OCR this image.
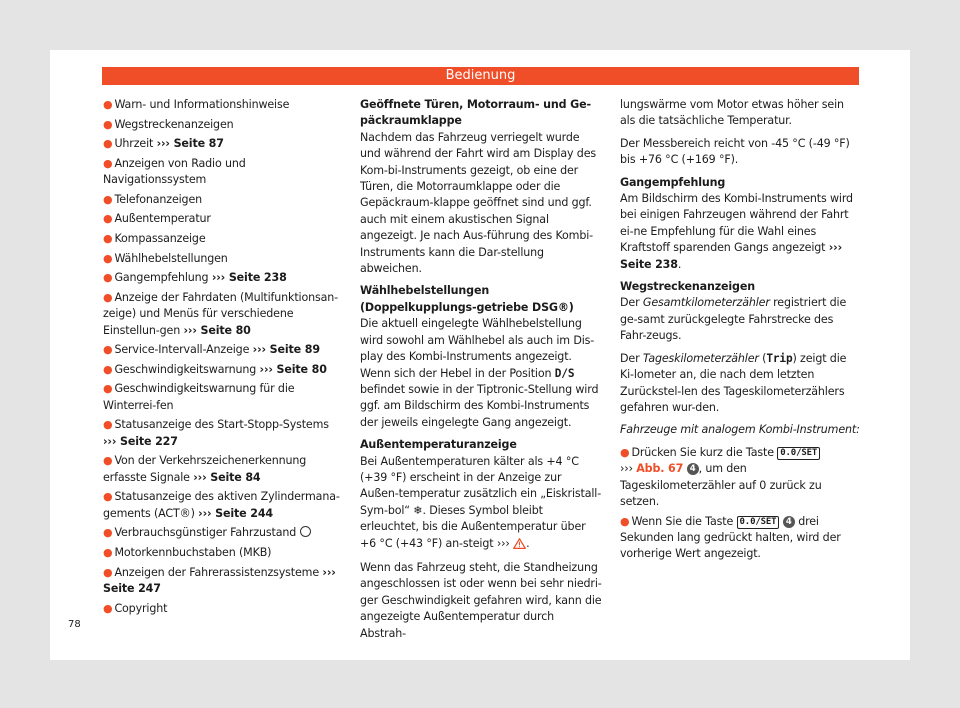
Bedienung
● Warn- und Informationshinweise
● Wegstreckenanzeigen
● Uhrzeit ››› Seite 87
● Anzeigen von Radio und Navigationssystem
● Telefonanzeigen
● Außentemperatur
● Kompassanzeige
● Wählhebelstellungen
● Gangempfehlung ››› Seite 238
● Anzeige der Fahrdaten (Multifunktionsan-zeige) und Menüs für verschiedene Einstellun-gen ››› Seite 80
● Service-Intervall-Anzeige ››› Seite 89
● Geschwindigkeitswarnung ››› Seite 80
● Geschwindigkeitswarnung für die Winterrei-fen
● Statusanzeige des Start-Stopp-Systems ››› Seite 227
● Von der Verkehrszeichenerkennung erfasste Signale ››› Seite 84
● Statusanzeige des aktiven Zylindermana-gements (ACT®) ››› Seite 244
● Verbrauchsgünstiger Fahrzustand
● Motorkennbuchstaben (MKB)
● Anzeigen der Fahrerassistenzsysteme ››› Seite 247
● Copyright

Geöffnete Türen, Motorraum- und Ge-päckraumklappe

Nachdem das Fahrzeug verriegelt wurde und während der Fahrt wird am Display des Kom-bi-Instruments gezeigt, ob eine der Türen, die Motorraumklappe oder die Gepäckraum-klappe geöffnet sind und ggf. auch mit einem akustischen Signal angezeigt. Je nach Aus-führung des Kombi-Instruments kann die Dar-stellung abweichen.

Wählhebelstellungen (Doppelkupplungs-getriebe DSG®)

Die aktuell eingelegte Wählhebelstellung wird sowohl am Wählhebel als auch im Dis-play des Kombi-Instruments angezeigt. Wenn sich der Hebel in der Position D/S befindet sowie in der Tiptronic-Stellung wird ggf. am Bildschirm des Kombi-Instruments der jeweils eingelegte Gang angezeigt.

Außentemperaturanzeige

Bei Außentemperaturen kälter als +4 °C (+39 °F) erscheint in der Anzeige zur Außen-temperatur zusätzlich ein „Eiskristall-Sym-bol“ ❄. Dieses Symbol bleibt erleuchtet, bis die Außentemperatur über +6 °C (+43 °F) an-steigt ››› .

Wenn das Fahrzeug steht, die Standheizung angeschlossen ist oder wenn bei sehr niedri-ger Geschwindigkeit gefahren wird, kann die angezeigte Außentemperatur durch Abstrah-

lungswärme vom Motor etwas höher sein als die tatsächliche Temperatur.

Der Messbereich reicht von -45 °C (-49 °F) bis +76 °C (+169 °F).

Gangempfehlung

Am Bildschirm des Kombi-Instruments wird bei einigen Fahrzeugen während der Fahrt ei-ne Empfehlung für die Wahl eines Kraftstoff sparenden Gangs angezeigt ››› Seite 238.

Wegstreckenanzeigen

Der Gesamtkilometerzähler registriert die ge-samt zurückgelegte Fahrstrecke des Fahr-zeugs.

Der Tageskilometerzähler (Trip) zeigt die Ki-lometer an, die nach dem letzten Zurückstel-len des Tageskilometerzählers gefahren wur-den.

Fahrzeuge mit analogem Kombi-Instrument:

● Drücken Sie kurz die Taste 0.0/SET
››› Abb. 67 4 , um den Tageskilometerzähler auf 0 zurück zu setzen.
● Wenn Sie die Taste 0.0/SET 4 drei Sekunden lang gedrückt halten, wird der vorherige Wert angezeigt.
78
